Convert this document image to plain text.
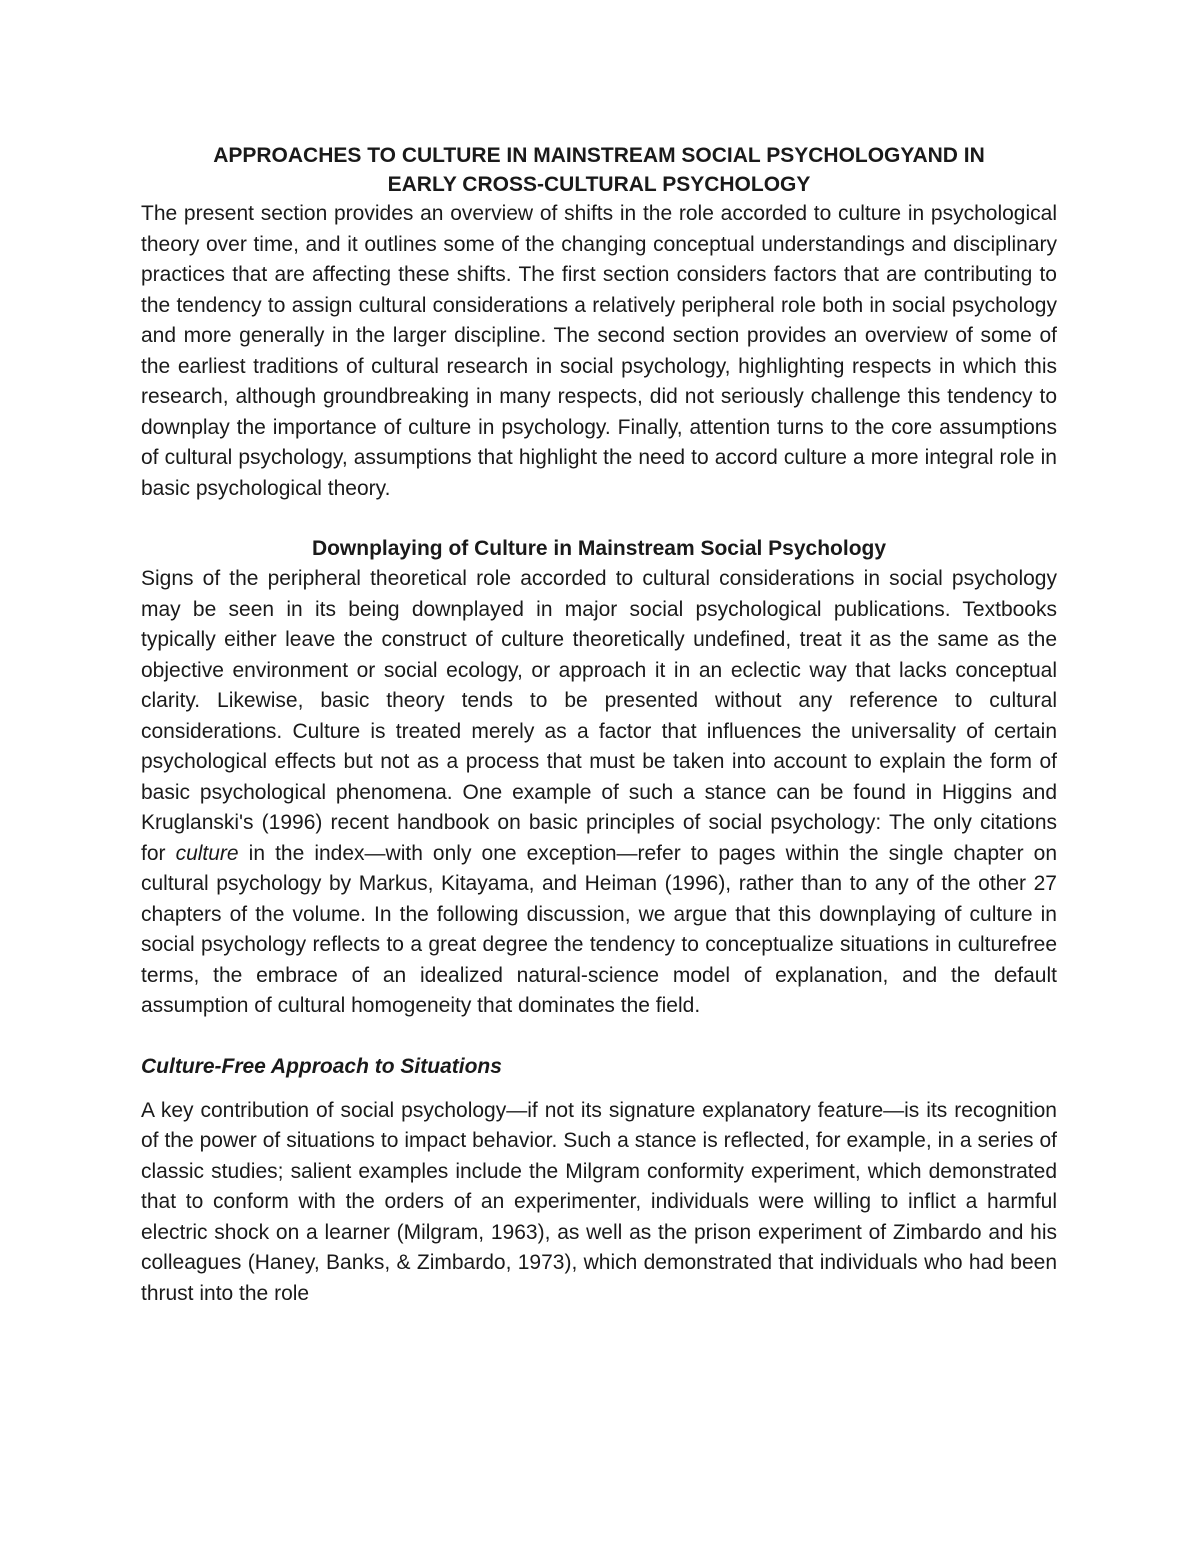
APPROACHES TO CULTURE IN MAINSTREAM SOCIAL PSYCHOLOGYAND IN
EARLY CROSS-CULTURAL PSYCHOLOGY

The present section provides an overview of shifts in the role accorded to culture in psychological theory over time, and it outlines some of the changing conceptual understandings and disciplinary practices that are affecting these shifts. The first section considers factors that are contributing to the tendency to assign cultural considerations a relatively peripheral role both in social psychology and more generally in the larger discipline. The second section provides an overview of some of the earliest traditions of cultural research in social psychology, highlighting respects in which this research, although groundbreaking in many respects, did not seriously challenge this tendency to downplay the importance of culture in psychology. Finally, attention turns to the core assumptions of cultural psychology, assumptions that highlight the need to accord culture a more integral role in basic psychological theory.

Downplaying of Culture in Mainstream Social Psychology

Signs of the peripheral theoretical role accorded to cultural considerations in social psychology may be seen in its being downplayed in major social psychological publications. Textbooks typically either leave the construct of culture theoretically undefined, treat it as the same as the objective environment or social ecology, or approach it in an eclectic way that lacks conceptual clarity. Likewise, basic theory tends to be presented without any reference to cultural considerations. Culture is treated merely as a factor that influences the universality of certain psychological effects but not as a process that must be taken into account to explain the form of basic psychological phenomena. One example of such a stance can be found in Higgins and Kruglanski's (1996) recent handbook on basic principles of social psychology: The only citations for culture in the index—with only one exception—refer to pages within the single chapter on cultural psychology by Markus, Kitayama, and Heiman (1996), rather than to any of the other 27 chapters of the volume. In the following discussion, we argue that this downplaying of culture in social psychology reflects to a great degree the tendency to conceptualize situations in culturefree terms, the embrace of an idealized natural-science model of explanation, and the default assumption of cultural homogeneity that dominates the field.

Culture-Free Approach to Situations

A key contribution of social psychology—if not its signature explanatory feature—is its recognition of the power of situations to impact behavior. Such a stance is reflected, for example, in a series of classic studies; salient examples include the Milgram conformity experiment, which demonstrated that to conform with the orders of an experimenter, individuals were willing to inflict a harmful electric shock on a learner (Milgram, 1963), as well as the prison experiment of Zimbardo and his colleagues (Haney, Banks, & Zimbardo, 1973), which demonstrated that individuals who had been thrust into the role
